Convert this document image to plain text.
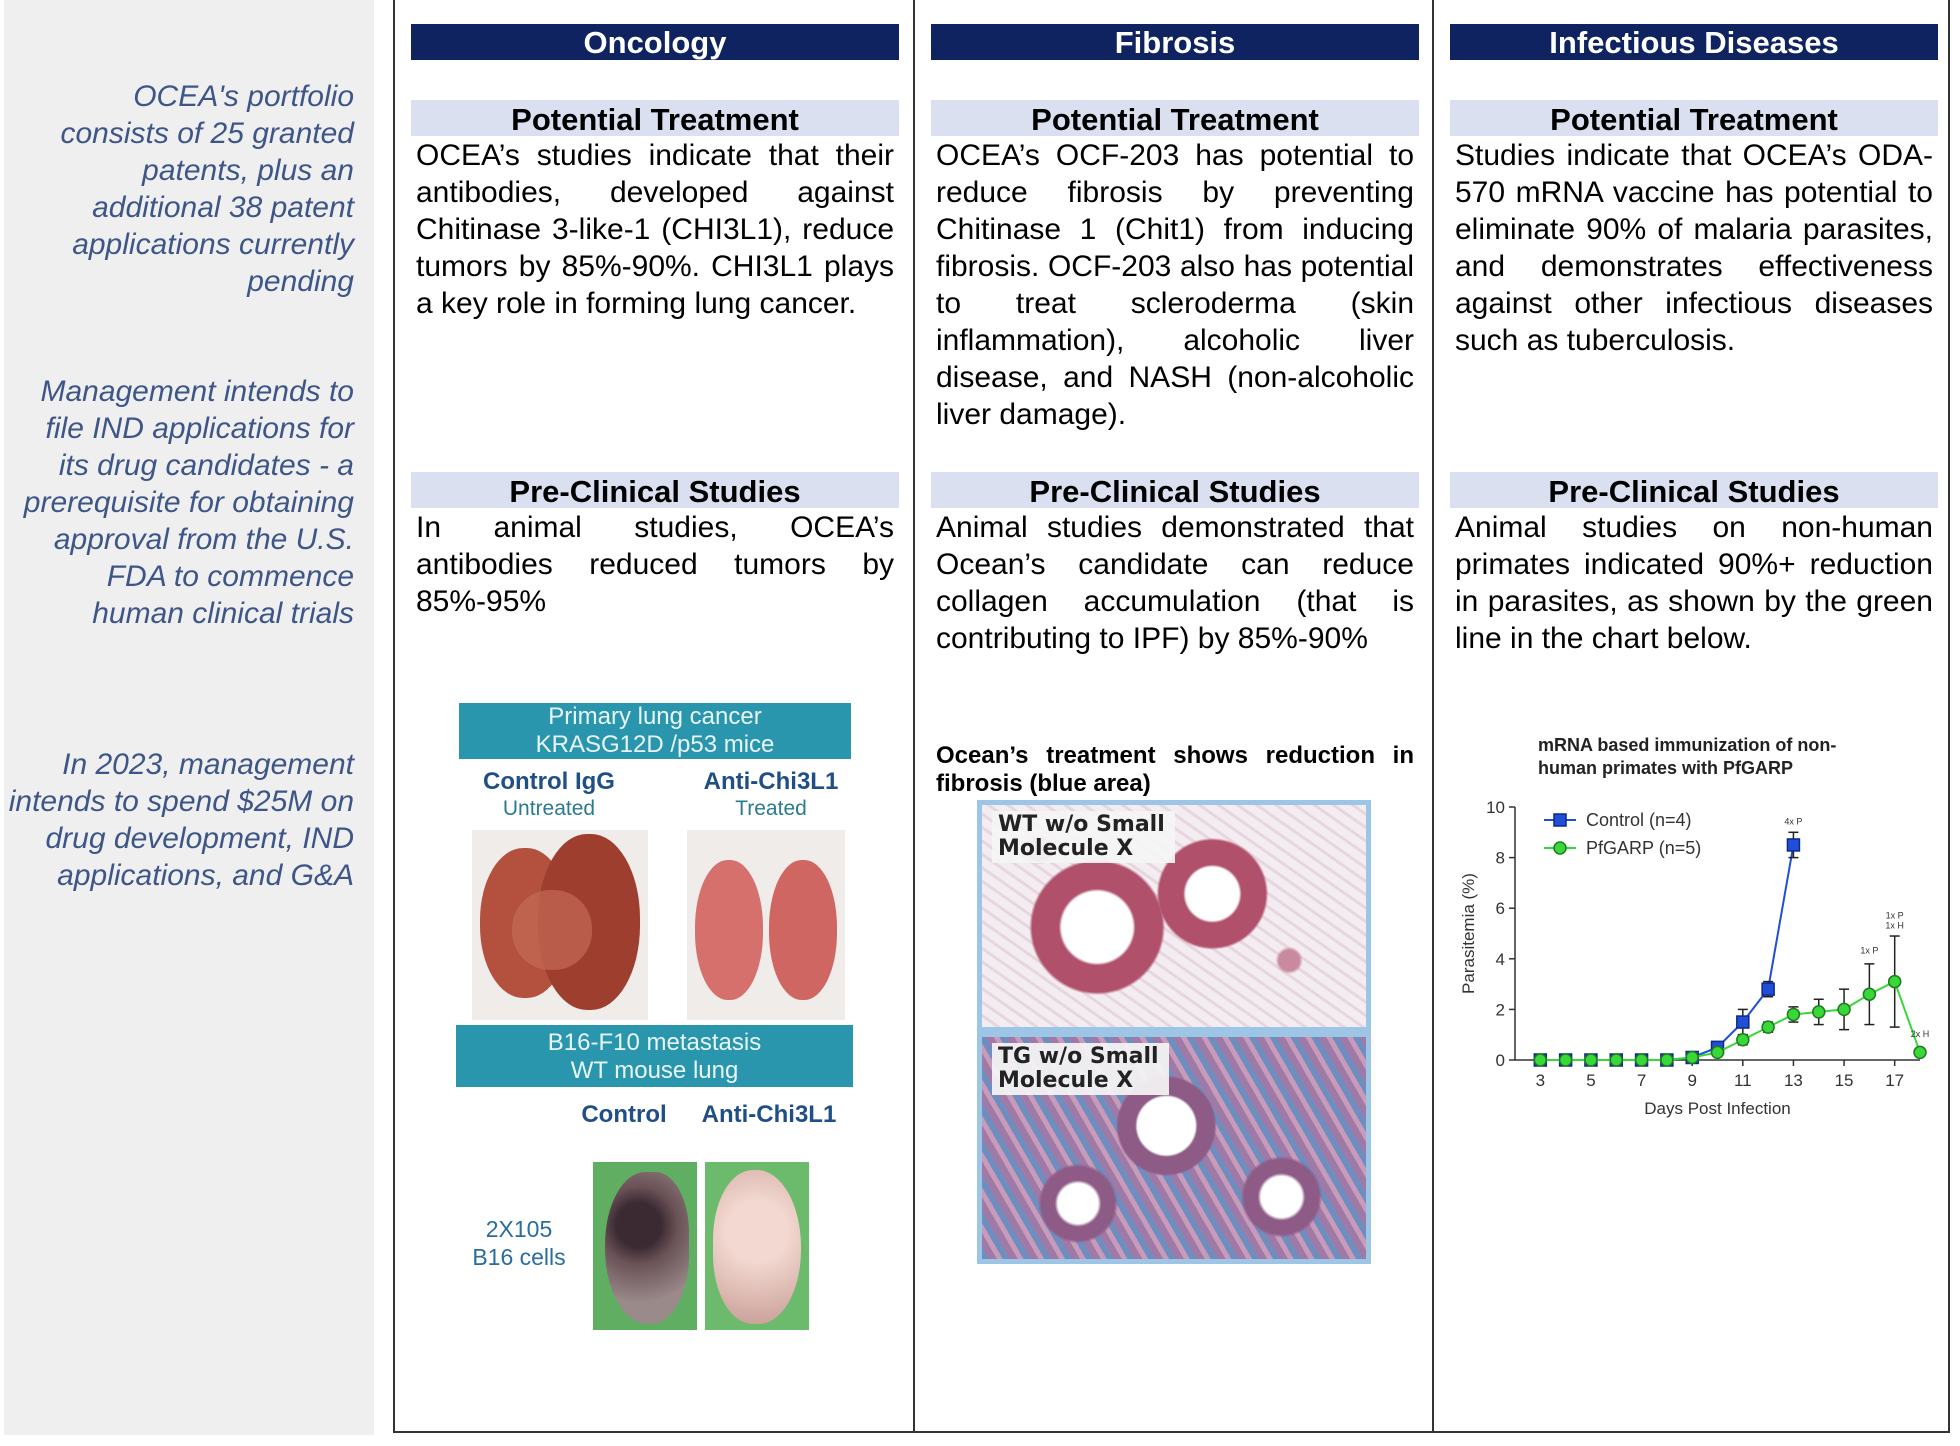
OCEA's portfolio consists of 25 granted patents, plus an additional 38 patent applications currently pending
Management intends to file IND applications for its drug candidates - a prerequisite for obtaining approval from the U.S. FDA to commence human clinical trials
In 2023, management intends to spend $25M on drug development, IND applications, and G&A
Oncology
Potential Treatment
OCEA’s studies indicate that their antibodies, developed against Chitinase 3-like-1 (CHI3L1), reduce tumors by 85%-90%. CHI3L1 plays a key role in forming lung cancer.
Pre-Clinical Studies
In animal studies, OCEA’s antibodies reduced tumors by 85%-95%
Primary lung cancer
KRASG12D /p53 mice
Control IgG
Untreated
Anti-Chi3L1
Treated
B16-F10 metastasis
WT mouse lung
Control	Anti-Chi3L1
2X105
B16 cells
Fibrosis
Potential Treatment
OCEA’s OCF-203 has potential to reduce fibrosis by preventing Chitinase 1 (Chit1) from inducing fibrosis. OCF-203 also has potential to treat scleroderma (skin inflammation), alcoholic liver disease, and NASH (non-alcoholic liver damage).
Pre-Clinical Studies
Animal studies demonstrated that Ocean’s candidate can reduce collagen accumulation (that is contributing to IPF) by 85%-90%
Ocean’s treatment shows reduction in fibrosis (blue area)
WT w/o Small
Molecule X
TG w/o Small
Molecule X
Infectious Diseases
Potential Treatment
Studies indicate that OCEA’s ODA-570 mRNA vaccine has potential to eliminate 90% of malaria parasites, and demonstrates effectiveness against other infectious diseases such as tuberculosis.
Pre-Clinical Studies
Animal studies on non-human primates indicated 90%+ reduction in parasites, as shown by the green line in the chart below.
mRNA based immunization of non-
human primates with PfGARP
0
2
4
6
8
10
3 5 7 9 11 13 15 17
Days Post Infection
Parasitemia (%)
Control (n=4)
PfGARP (n=5)
4x P
1x P
1x P
1x H
2x H
